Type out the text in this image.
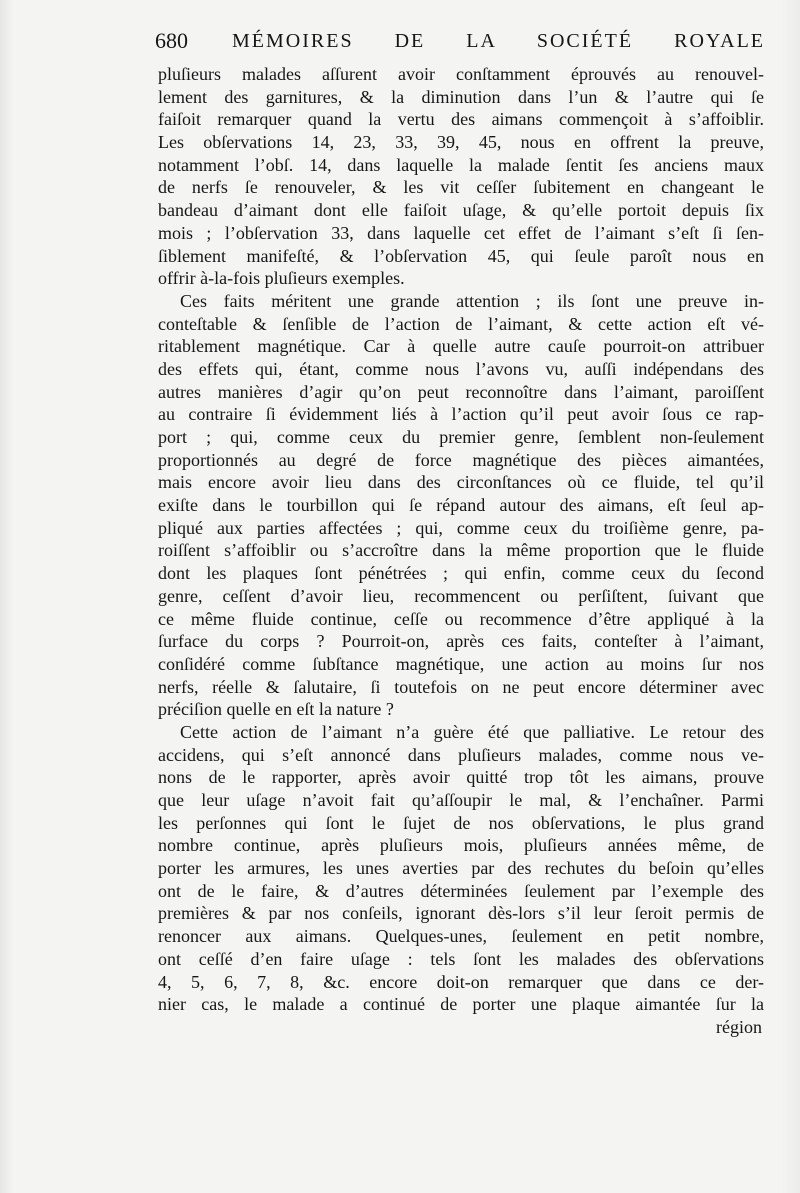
680 MÉMOIRES DE LA SOCIÉTÉ ROYALE
pluſieurs malades aſſurent avoir conſtamment éprouvés au renouvel-
lement des garnitures, & la diminution dans l’un & l’autre qui ſe
faiſoit remarquer quand la vertu des aimans commençoit à s’affoiblir.
Les obſervations 14, 23, 33, 39, 45, nous en offrent la preuve,
notamment l’obſ. 14, dans laquelle la malade ſentit ſes anciens maux
de nerfs ſe renouveler, & les vit ceſſer ſubitement en changeant le
bandeau d’aimant dont elle faiſoit uſage, & qu’elle portoit depuis ſix
mois ; l’obſervation 33, dans laquelle cet effet de l’aimant s’eſt ſi ſen-
ſiblement manifeſté, & l’obſervation 45, qui ſeule paroît nous en
offrir à-la-fois pluſieurs exemples.
Ces faits méritent une grande attention ; ils ſont une preuve in-
conteſtable & ſenſible de l’action de l’aimant, & cette action eſt vé-
ritablement magnétique. Car à quelle autre cauſe pourroit-on attribuer
des effets qui, étant, comme nous l’avons vu, auſſi indépendans des
autres manières d’agir qu’on peut reconnoître dans l’aimant, paroiſſent
au contraire ſi évidemment liés à l’action qu’il peut avoir ſous ce rap-
port ; qui, comme ceux du premier genre, ſemblent non-ſeulement
proportionnés au degré de force magnétique des pièces aimantées,
mais encore avoir lieu dans des circonſtances où ce fluide, tel qu’il
exiſte dans le tourbillon qui ſe répand autour des aimans, eſt ſeul ap-
pliqué aux parties affectées ; qui, comme ceux du troiſième genre, pa-
roiſſent s’affoiblir ou s’accroître dans la même proportion que le fluide
dont les plaques ſont pénétrées ; qui enfin, comme ceux du ſecond
genre, ceſſent d’avoir lieu, recommencent ou perſiſtent, ſuivant que
ce même fluide continue, ceſſe ou recommence d’être appliqué à la
ſurface du corps ? Pourroit-on, après ces faits, conteſter à l’aimant,
conſidéré comme ſubſtance magnétique, une action au moins ſur nos
nerfs, réelle & ſalutaire, ſi toutefois on ne peut encore déterminer avec
préciſion quelle en eſt la nature ?
Cette action de l’aimant n’a guère été que palliative. Le retour des
accidens, qui s’eſt annoncé dans pluſieurs malades, comme nous ve-
nons de le rapporter, après avoir quitté trop tôt les aimans, prouve
que leur uſage n’avoit fait qu’aſſoupir le mal, & l’enchaîner. Parmi
les perſonnes qui ſont le ſujet de nos obſervations, le plus grand
nombre continue, après pluſieurs mois, pluſieurs années même, de
porter les armures, les unes averties par des rechutes du beſoin qu’elles
ont de le faire, & d’autres déterminées ſeulement par l’exemple des
premières & par nos conſeils, ignorant dès-lors s’il leur ſeroit permis de
renoncer aux aimans. Quelques-unes, ſeulement en petit nombre,
ont ceſſé d’en faire uſage : tels ſont les malades des obſervations
4, 5, 6, 7, 8, &c. encore doit-on remarquer que dans ce der-
nier cas, le malade a continué de porter une plaque aimantée ſur la
région
